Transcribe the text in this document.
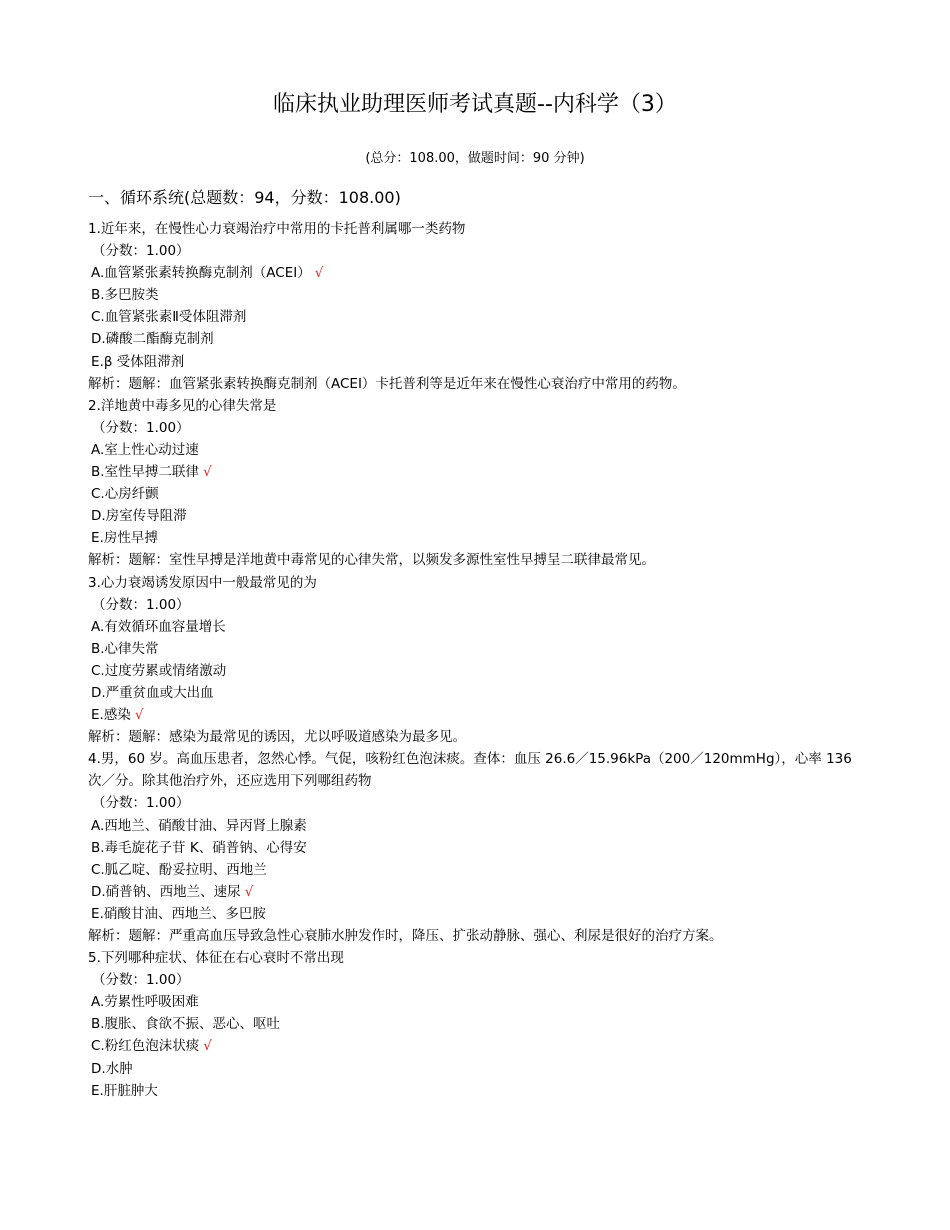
临床执业助理医师考试真题--内科学（3）
(总分：108.00，做题时间：90 分钟)
一、循环系统(总题数：94，分数：108.00)
1.近年来，在慢性心力衰竭治疗中常用的卡托普利属哪一类药物
（分数：1.00）
A.血管紧张素转换酶克制剂（ACEI） √
B.多巴胺类
C.血管紧张素Ⅱ受体阻滞剂
D.磷酸二酯酶克制剂
E.β 受体阻滞剂
解析：题解：血管紧张素转换酶克制剂（ACEI）卡托普利等是近年来在慢性心衰治疗中常用的药物。
2.洋地黄中毒多见的心律失常是
（分数：1.00）
A.室上性心动过速
B.室性早搏二联律 √
C.心房纤颤
D.房室传导阻滞
E.房性早搏
解析：题解：室性早搏是洋地黄中毒常见的心律失常，以频发多源性室性早搏呈二联律最常见。
3.心力衰竭诱发原因中一般最常见的为
（分数：1.00）
A.有效循环血容量增长
B.心律失常
C.过度劳累或情绪激动
D.严重贫血或大出血
E.感染 √
解析：题解：感染为最常见的诱因，尤以呼吸道感染为最多见。
4.男，60 岁。高血压患者，忽然心悸。气促，咳粉红色泡沫痰。查体：血压 26.6／15.96kPa（200／120mmHg），心率 136 次／分。除其他治疗外，还应选用下列哪组药物
（分数：1.00）
A.西地兰、硝酸甘油、异丙肾上腺素
B.毒毛旋花子苷 K、硝普钠、心得安
C.胍乙啶、酚妥拉明、西地兰
D.硝普钠、西地兰、速尿 √
E.硝酸甘油、西地兰、多巴胺
解析：题解：严重高血压导致急性心衰肺水肿发作时，降压、扩张动静脉、强心、利尿是很好的治疗方案。
5.下列哪种症状、体征在右心衰时不常出现
（分数：1.00）
A.劳累性呼吸困难
B.腹胀、食欲不振、恶心、呕吐
C.粉红色泡沫状痰 √
D.水肿
E.肝脏肿大
